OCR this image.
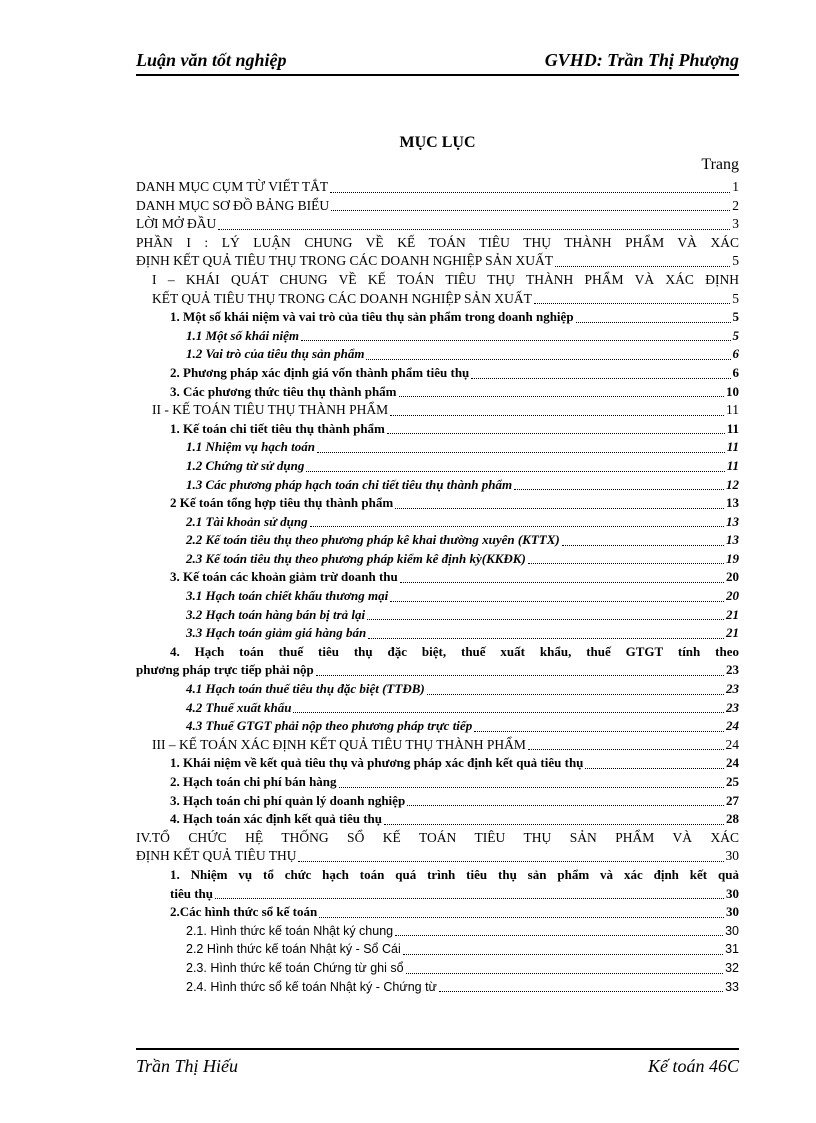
Luận văn tốt nghiệp	GVHD: Trần Thị Phượng
MỤC LỤC
Trang
DANH MỤC CỤM TỪ VIẾT TẮT	1
DANH MỤC SƠ ĐỒ BẢNG BIỂU	2
LỜI MỞ ĐẦU	3
PHẦN I : LÝ LUẬN CHUNG VỀ KẾ TOÁN TIÊU THỤ THÀNH PHẨM VÀ XÁC
ĐỊNH KẾT QUẢ TIÊU THỤ TRONG CÁC DOANH NGHIỆP SẢN XUẤT	5
I – KHÁI QUÁT CHUNG VỀ KẾ TOÁN TIÊU THỤ THÀNH PHẨM VÀ XÁC ĐỊNH
KẾT QUẢ TIÊU THỤ TRONG CÁC DOANH NGHIỆP SẢN XUẤT	5
1. Một số khái niệm và vai trò của tiêu thụ sản phẩm trong doanh nghiệp	5
1.1 Một số khái niệm	5
1.2 Vai trò của tiêu thụ sản phẩm	6
2. Phương pháp xác định giá vốn thành phẩm tiêu thụ	6
3. Các phương thức tiêu thụ thành phẩm	10
II - KẾ TOÁN TIÊU THỤ THÀNH PHẨM	11
1. Kế toán chi tiết tiêu thụ thành phẩm	11
1.1 Nhiệm vụ hạch toán	11
1.2 Chứng từ sử dụng	11
1.3 Các phương pháp hạch toán chi tiết tiêu thụ thành phẩm	12
2 Kế toán tổng hợp tiêu thụ thành phẩm	13
2.1 Tài khoản sử dụng	13
2.2 Kế toán tiêu thụ theo phương pháp kê khai thường xuyên (KTTX)	13
2.3 Kế toán tiêu thụ theo phương pháp kiểm kê định kỳ(KKĐK)	19
3. Kế toán các khoản giảm trừ doanh thu	20
3.1 Hạch toán chiết khấu thương mại	20
3.2 Hạch toán hàng bán bị trả lại	21
3.3 Hạch toán giảm giá hàng bán	21
4. Hạch toán thuế tiêu thụ đặc biệt, thuế xuất khẩu, thuế GTGT tính theo
phương pháp trực tiếp phải nộp	23
4.1 Hạch toán thuế tiêu thụ đặc biệt (TTĐB)	23
4.2 Thuế xuất khẩu	23
4.3 Thuế GTGT phải nộp theo phương pháp trực tiếp	24
III – KẾ TOÁN XÁC ĐỊNH KẾT QUẢ TIÊU THỤ THÀNH PHẨM	24
1. Khái niệm về kết quả tiêu thụ và phương pháp xác định kết quả tiêu thụ	24
2. Hạch toán chi phí bán hàng	25
3. Hạch toán chi phí quản lý doanh nghiệp	27
4. Hạch toán xác định kết quả tiêu thụ	28
IV.TỔ CHỨC HỆ THỐNG SỔ KẾ TOÁN TIÊU THỤ SẢN PHẨM VÀ XÁC
ĐỊNH KẾT QUẢ TIÊU THỤ	30
1. Nhiệm vụ tổ chức hạch toán quá trình tiêu thụ sản phẩm và xác định kết quả
tiêu thụ	30
2.Các hình thức sổ kế toán	30
2.1. Hình thức kế toán Nhật ký chung	30
2.2 Hình thức kế toán Nhật ký - Sổ Cái	31
2.3. Hình thức kế toán Chứng từ ghi sổ	32
2.4. Hình thức sổ kế toán Nhật ký - Chứng từ	33
Trần Thị Hiếu	Kế toán 46C
